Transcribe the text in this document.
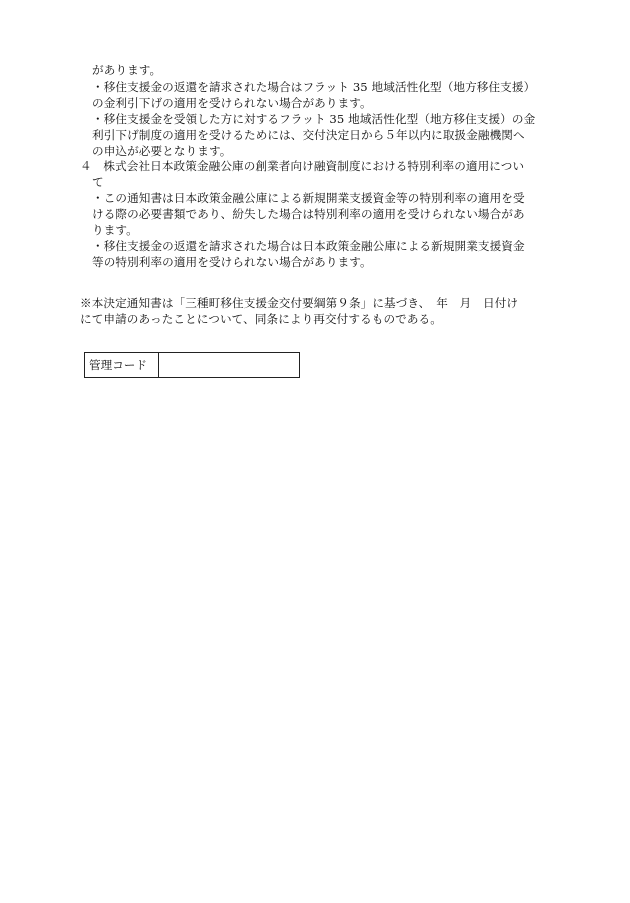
があります。
・移住支援金の返還を請求された場合はフラット 35 地域活性化型（地方移住支援）
の金利引下げの適用を受けられない場合があります。
・移住支援金を受領した方に対するフラット 35 地域活性化型（地方移住支援）の金
利引下げ制度の適用を受けるためには、交付決定日から５年以内に取扱金融機関へ
の申込が必要となります。
４　株式会社日本政策金融公庫の創業者向け融資制度における特別利率の適用につい
て
・この通知書は日本政策金融公庫による新規開業支援資金等の特別利率の適用を受
ける際の必要書類であり、紛失した場合は特別利率の適用を受けられない場合があ
ります。
・移住支援金の返還を請求された場合は日本政策金融公庫による新規開業支援資金
等の特別利率の適用を受けられない場合があります。
※本決定通知書は「三種町移住支援金交付要綱第９条」に基づき、　年　月　日付け
にて申請のあったことについて、同条により再交付するものである。
管理コード
